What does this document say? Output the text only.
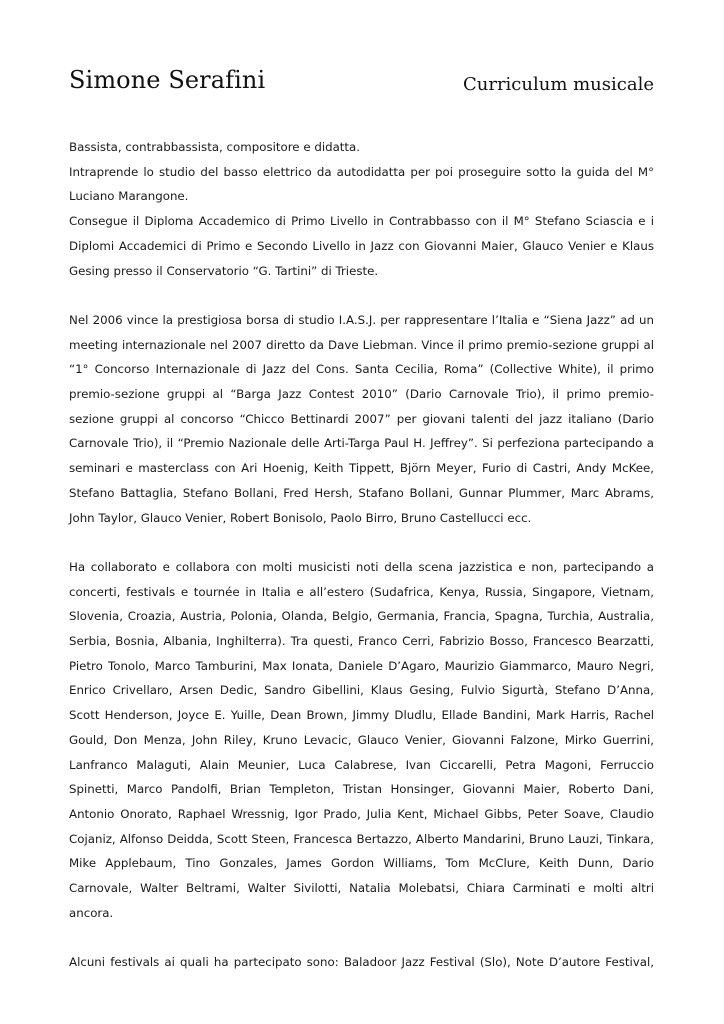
Simone Serafini	Curriculum musicale

Bassista, contrabbassista, compositore e didatta.
Intraprende lo studio del basso elettrico da autodidatta per poi proseguire sotto la guida del M° Luciano Marangone.
Consegue il Diploma Accademico di Primo Livello in Contrabbasso con il M° Stefano Sciascia e i Diplomi Accademici di Primo e Secondo Livello in Jazz con Giovanni Maier, Glauco Venier e Klaus Gesing presso il Conservatorio “G. Tartini” di Trieste.

Nel 2006 vince la prestigiosa borsa di studio I.A.S.J. per rappresentare l’Italia e “Siena Jazz” ad un meeting internazionale nel 2007 diretto da Dave Liebman. Vince il primo premio-sezione gruppi al “1° Concorso Internazionale di Jazz del Cons. Santa Cecilia, Roma” (Collective White), il primo premio-sezione gruppi al “Barga Jazz Contest 2010” (Dario Carnovale Trio), il primo premio-sezione gruppi al concorso “Chicco Bettinardi 2007” per giovani talenti del jazz italiano (Dario Carnovale Trio), il “Premio Nazionale delle Arti-Targa Paul H. Jeffrey”. Si perfeziona partecipando a seminari e masterclass con Ari Hoenig, Keith Tippett, Björn Meyer, Furio di Castri, Andy McKee, Stefano Battaglia, Stefano Bollani, Fred Hersh, Stafano Bollani, Gunnar Plummer, Marc Abrams, John Taylor, Glauco Venier, Robert Bonisolo, Paolo Birro, Bruno Castellucci ecc.

Ha collaborato e collabora con molti musicisti noti della scena jazzistica e non, partecipando a concerti, festivals e tournée in Italia e all’estero (Sudafrica, Kenya, Russia, Singapore, Vietnam, Slovenia, Croazia, Austria, Polonia, Olanda, Belgio, Germania, Francia, Spagna, Turchia, Australia, Serbia, Bosnia, Albania, Inghilterra). Tra questi, Franco Cerri, Fabrizio Bosso, Francesco Bearzatti, Pietro Tonolo, Marco Tamburini, Max Ionata, Daniele D’Agaro, Maurizio Giammarco, Mauro Negri, Enrico Crivellaro, Arsen Dedic, Sandro Gibellini, Klaus Gesing, Fulvio Sigurtà, Stefano D’Anna, Scott Henderson, Joyce E. Yuille, Dean Brown, Jimmy Dludlu, Ellade Bandini, Mark Harris, Rachel Gould, Don Menza, John Riley, Kruno Levacic, Glauco Venier, Giovanni Falzone, Mirko Guerrini, Lanfranco Malaguti, Alain Meunier, Luca Calabrese, Ivan Ciccarelli, Petra Magoni, Ferruccio Spinetti, Marco Pandolfi, Brian Templeton, Tristan Honsinger, Giovanni Maier, Roberto Dani, Antonio Onorato, Raphael Wressnig, Igor Prado, Julia Kent, Michael Gibbs, Peter Soave, Claudio Cojaniz, Alfonso Deidda, Scott Steen, Francesca Bertazzo, Alberto Mandarini, Bruno Lauzi, Tinkara, Mike Applebaum, Tino Gonzales, James Gordon Williams, Tom McClure, Keith Dunn, Dario Carnovale, Walter Beltrami, Walter Sivilotti, Natalia Molebatsi, Chiara Carminati e molti altri ancora.

Alcuni festivals ai quali ha partecipato sono: Baladoor Jazz Festival (Slo), Note D’autore Festival,
